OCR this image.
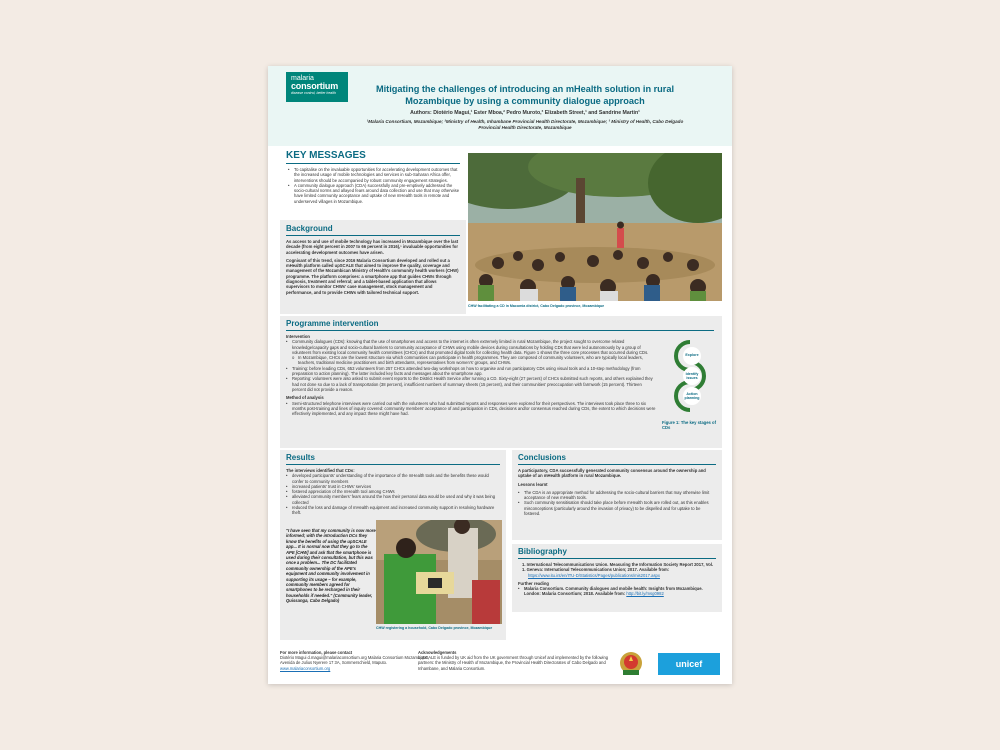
malaria
consortium
disease control, better health	Mitigating the challenges of introducing an mHealth solution in rural Mozambique by using a community dialogue approach
Authors: Diotério Magui,¹ Ester Mboa,² Pedro Muroto,³ Elizabeth Street,¹ and Sandrine Martin¹
¹Malaria Consortium, Mozambique; ²Ministry of Health, Inhambane Provincial Health Directorate, Mozambique; ³ Ministry of Health, Cabo Delgado Provincial Health Directorate, Mozambique
KEY MESSAGES
• To capitalise on the invaluable opportunities for accelerating development outcomes that the increased usage of mobile technologies and services in sub-Saharan Africa offer, interventions should be accompanied by robust community engagement strategies.
• A community dialogue approach (CDA) successfully and pre-emptively addressed the socio-cultural norms and allayed fears around data collection and use that may otherwise have limited community acceptance and uptake of new mHealth tools in remote and underserved villages in Mozambique.
Background
As access to and use of mobile technology has increased in Mozambique over the last decade (from eight percent in 2007 to 66 percent in 2016),¹ invaluable opportunities for accelerating development outcomes have arisen.
Cognisant of this trend, since 2016 Malaria Consortium developed and rolled out a mHealth platform called upSCALE that aimed to improve the quality, coverage and management of the Mozambican Ministry of Health's community health workers (CHW) programme. The platform comprises: a smartphone app that guides CHWs through diagnosis, treatment and referral; and a tablet-based application that allows supervisors to monitor CHWs' case management, stock management and performance, and to provide CHWs with tailored technical support.
CHW facilitating a CD in Macomia district, Cabo Delgado province, Mozambique
Programme intervention
Intervention
• Community dialogues (CDs): knowing that the use of smartphones and access to the internet is often extremely limited in rural Mozambique, the project sought to overcome related knowledge/capacity gaps and socio-cultural barriers to community acceptance of CHWs using mobile devices during consultations by holding CDs that were led autonomously by a group of volunteers from existing local community health committees (CHCs) and that promoted digital tools for collecting health data. Figure 1 shows the three core processes that occurred during CDs.
o In Mozambique, CHCs are the lowest structure via which communities can participate in health programmes. They are composed of community volunteers, who are typically local leaders, teachers, traditional medicine practitioners and birth attendants, representatives from women's' groups, and CHWs.
• Training: before leading CDs, 653 volunteers from 257 CHCs attended two-day workshops on how to organise and run participatory CDs using visual tools and a 10-step methodology (from preparation to action planning). The latter included key facts and messages about the smartphone app.
• Reporting: volunteers were also asked to submit event reports to the District Health Service after running a CD. Sixty-eight (27 percent) of CHCs submitted such reports, and others explained they had not done so due to a lack of transportation (38 percent), insufficient numbers of summary sheets (15 percent), and their communities' preoccupation with farmwork (15 percent). Thirteen percent did not provide a reason.
Method of analysis
• Semi-structured telephone interviews were carried out with the volunteers who had submitted reports and responses were explored for their perspectives. The interviews took place three to six months post-training and lines of inquiry covered: community members' acceptance of and participation in CDs, decisions and/or consensus reached during CDs, the extent to which decisions were effectively implemented, and any impact these might have had.
Explore
Identify issues
Action planning
Figure 1: The key stages of CDs
Results
The interviews identified that CDs:
• developed participants' understanding of the importance of the mHealth tools and the benefits these would confer to community members
• increased patients' trust in CHWs' services
• fostered appreciation of the mHealth tool among CHWs
• alleviated community members' fears around the how their personal data would be used and why it was being collected
• reduced the loss and damage of mHealth equipment and increased community support in resolving hardware theft.
"I have seen that my community is now more informed; with the introduction DCs they know the benefits of using the upSCALE app... It is normal now that they go to the APE [CHW] and ask that the smartphone is used during their consultation, but this was once a problem... The DC facilitated community ownership of the APE's equipment and community involvement in supporting its usage – for example, community members agreed for smartphones to be recharged in their households if needed." (Community leader, Quissanga, Cabo Delgado)
CHW registering a household, Cabo Delgado province, Mozambique
Conclusions
A participatory, CDA successfully generated community consensus around the ownership and uptake of an mHealth platform in rural Mozambique.
Lessons learnt
• The CDA is an appropriate method for addressing the socio-cultural barriers that may otherwise limit acceptance of new mHealth tools.
• Such community sensitisation should take place before mHealth tools are rolled out, as this enables misconceptions (particularly around the invasion of privacy) to be dispelled and for uptake to be fostered.
Bibliography
1. International Telecommunications Union. Measuring the Information Society Report 2017, Vol. 1. Geneva: International Telecommunications Union; 2017. Available from:
https://www.itu.int/en/ITU-D/Statistics/Pages/publications/mis2017.aspx
Further reading
• Malaria Consortium. Community dialogues and mobile health: Insights from Mozambique. London: Malaria Consortium; 2018. Available from: http://bit.ly/msg0982
For more information, please contact
Diotério Magui d.magui@malariaconsortium.org Malaria Consortium Mozambique, Avenida de Julius Nyerere 17 3A, Sommerschield, Maputo.
www.malariaconsortium.org
Acknowledgements
upSCALE is funded by UK aid from the UK government through Unicef and implemented by the following partners: the Ministry of Health of Mozambique, the Provincial Health Directorates of Cabo Delgado and Inhambane, and Malaria Consortium.	unicef
